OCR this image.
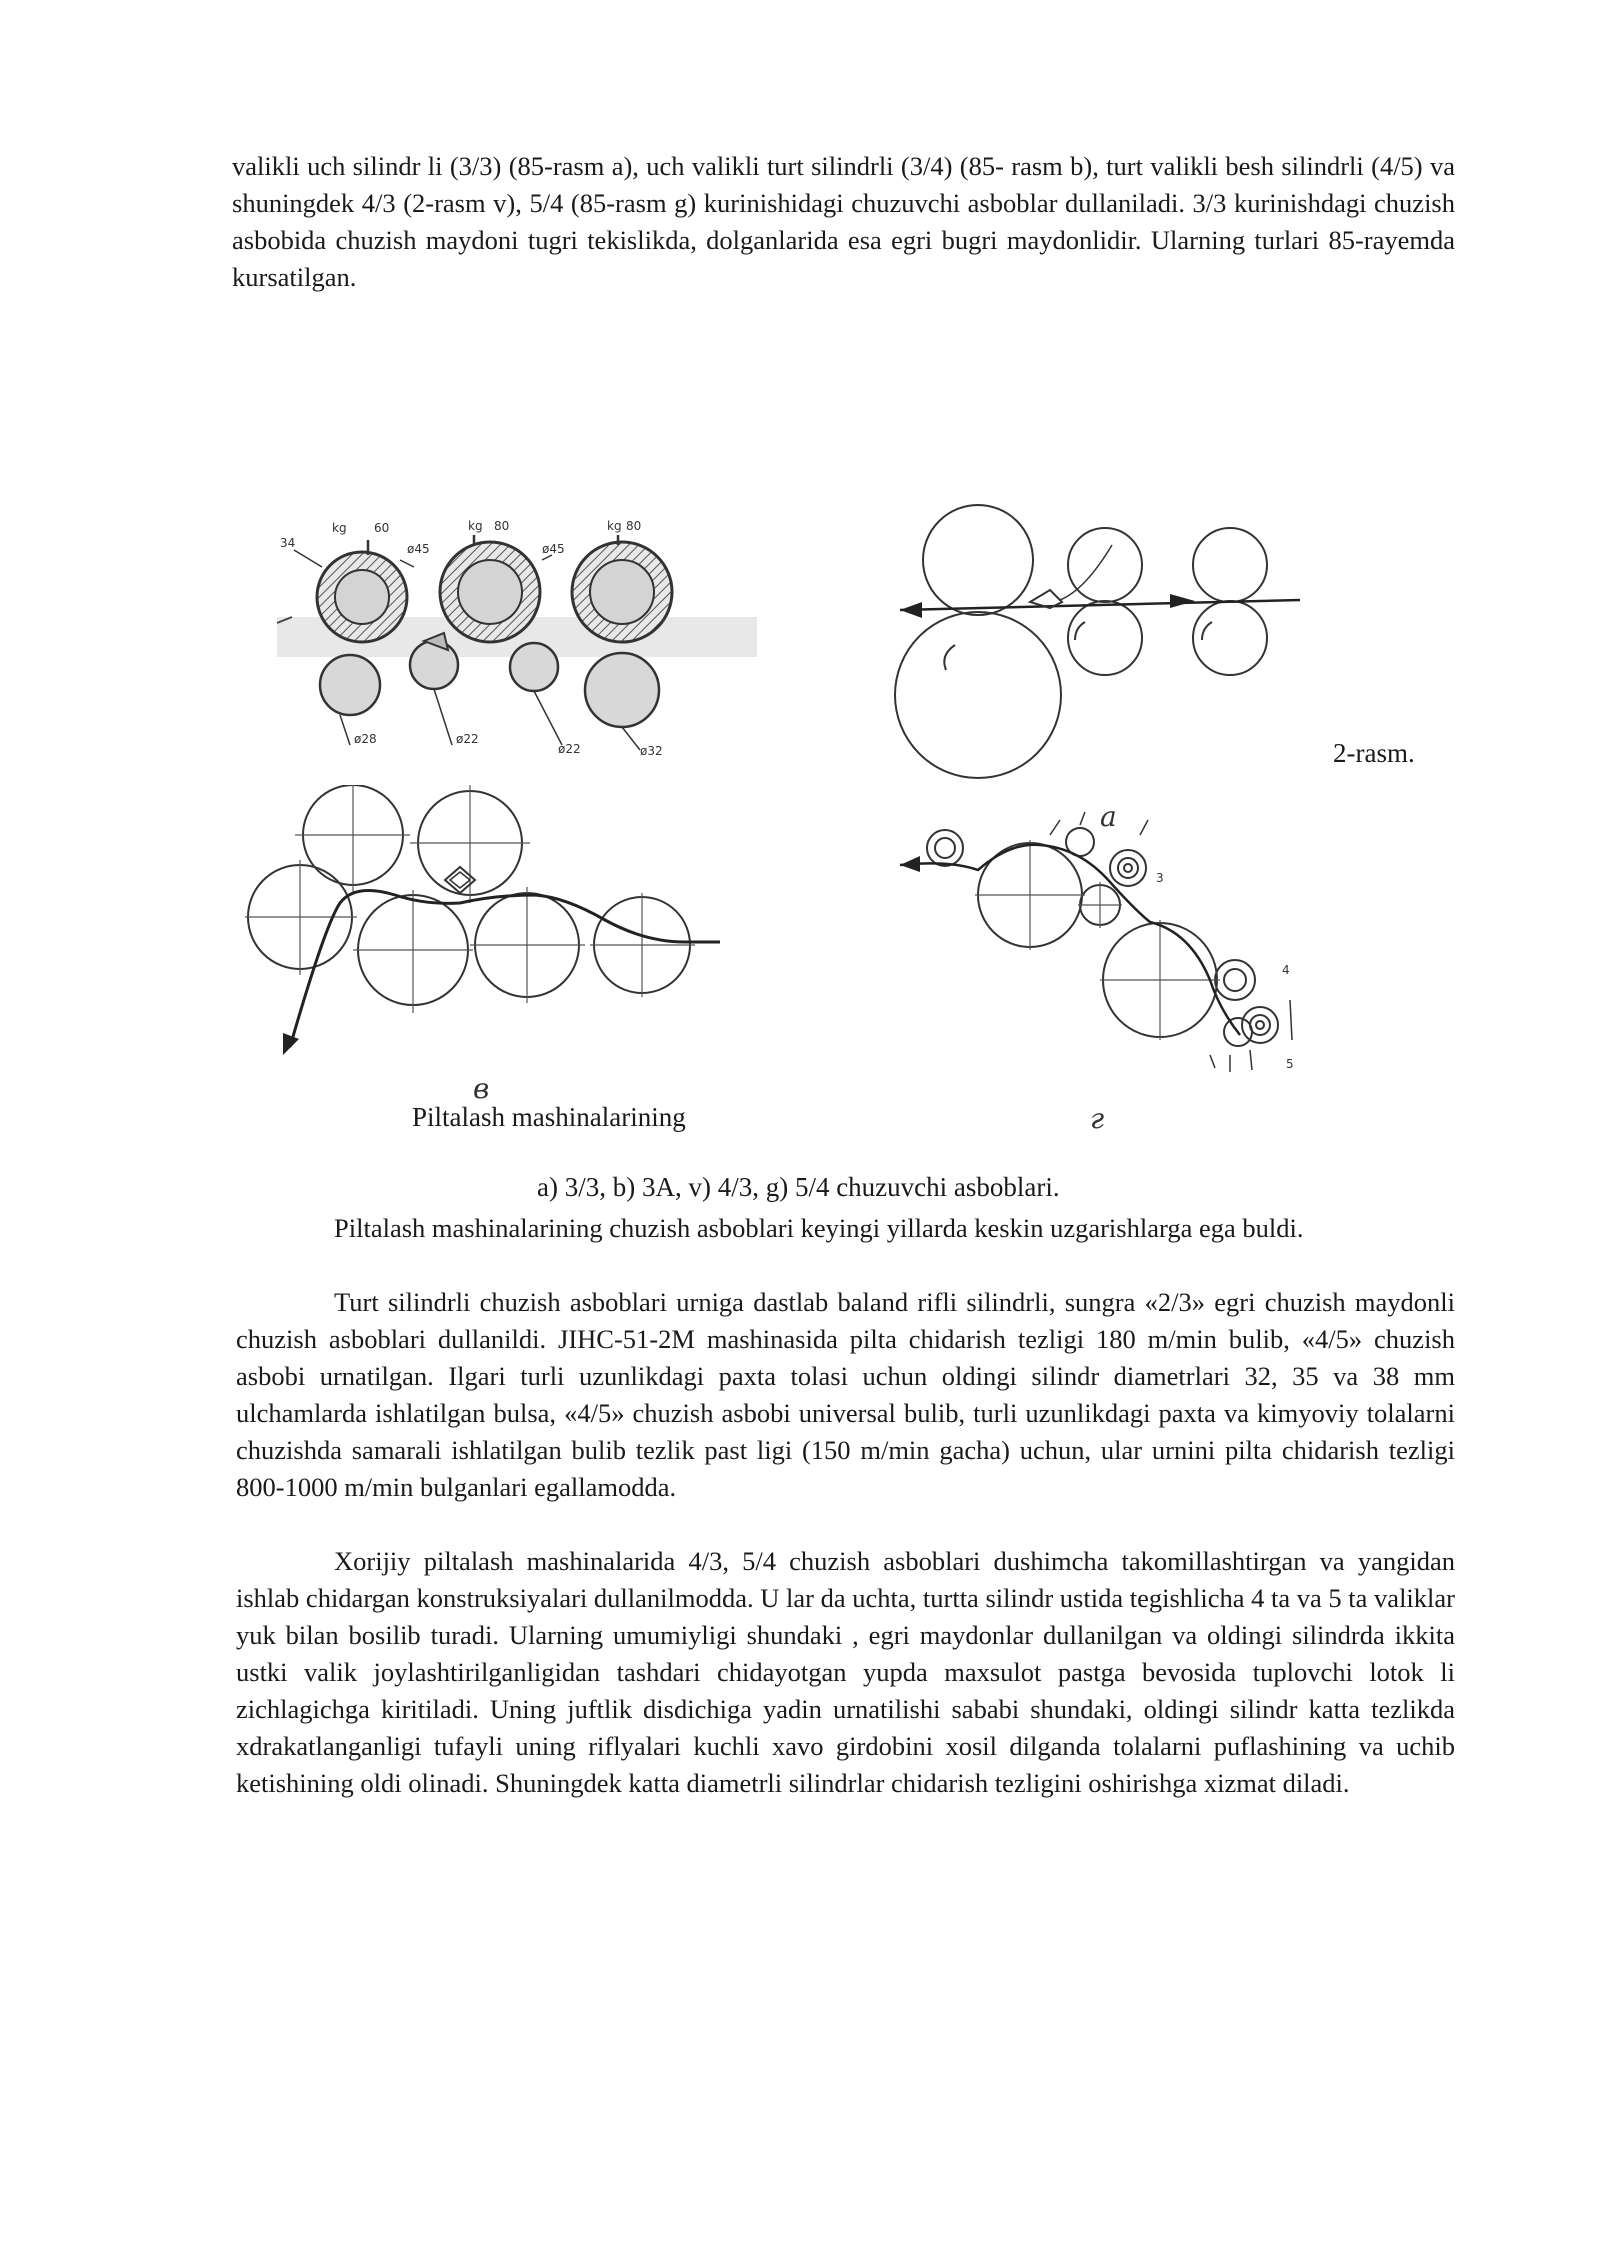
valikli uch silindr li (3/3) (85-rasm a), uch valikli turt silindrli (3/4) (85- rasm b), turt valikli besh silindrli (4/5) va shuningdek 4/3 (2-rasm v), 5/4 (85-rasm g) kurinishidagi chuzuvchi asboblar dullaniladi. 3/3 kurinishdagi chuzish asbobida chuzish maydoni tugri tekislikda, dolganlarida esa egri bugri maydonlidir. Ularning turlari 85-rayemda kursatilgan.

34
kg 60	kg 80	kg 80
ø45	ø45
ø28	ø22
ø22	ø32	2-rasm.
в
Piltalash mashinalarining	г
3
4
5
а
a) 3/3, b) 3A, v) 4/3, g) 5/4 chuzuvchi asboblari.

Piltalash mashinalarining chuzish asboblari keyingi yillarda keskin uzgarishlarga ega buldi.

Turt silindrli chuzish asboblari urniga dastlab baland rifli silindrli, sungra «2/3» egri chuzish maydonli chuzish asboblari dullanildi. JIHC-51-2M mashinasida pilta chidarish tezligi 180 m/min bulib, «4/5» chuzish asbobi urnatilgan. Ilgari turli uzunlikdagi paxta tolasi uchun oldingi silindr diametrlari 32, 35 va 38 mm ulchamlarda ishlatilgan bulsa, «4/5» chuzish asbobi universal bulib, turli uzunlikdagi paxta va kimyoviy tolalarni chuzishda samarali ishlatilgan bulib tezlik past ligi (150 m/min gacha) uchun, ular urnini pilta chidarish tezligi 800-1000 m/min bulganlari egallamodda.

Xorijiy piltalash mashinalarida 4/3, 5/4 chuzish asboblari dushimcha takomillashtirgan va yangidan ishlab chidargan konstruksiyalari dullanilmodda. U lar da uchta, turtta silindr ustida tegishlicha 4 ta va 5 ta valiklar yuk bilan bosilib turadi. Ularning umumiyligi shundaki , egri maydonlar dullanilgan va oldingi silindrda ikkita ustki valik joylashtirilganligidan tashdari chidayotgan yupda maxsulot pastga bevosida tuplovchi lotok li zichlagichga kiritiladi. Uning juftlik disdichiga yadin urnatilishi sababi shundaki, oldingi silindr katta tezlikda xdrakatlanganligi tufayli uning riflyalari kuchli xavo girdobini xosil dilganda tolalarni puflashining va uchib ketishining oldi olinadi. Shuningdek katta diametrli silindrlar chidarish tezligini oshirishga xizmat diladi.
